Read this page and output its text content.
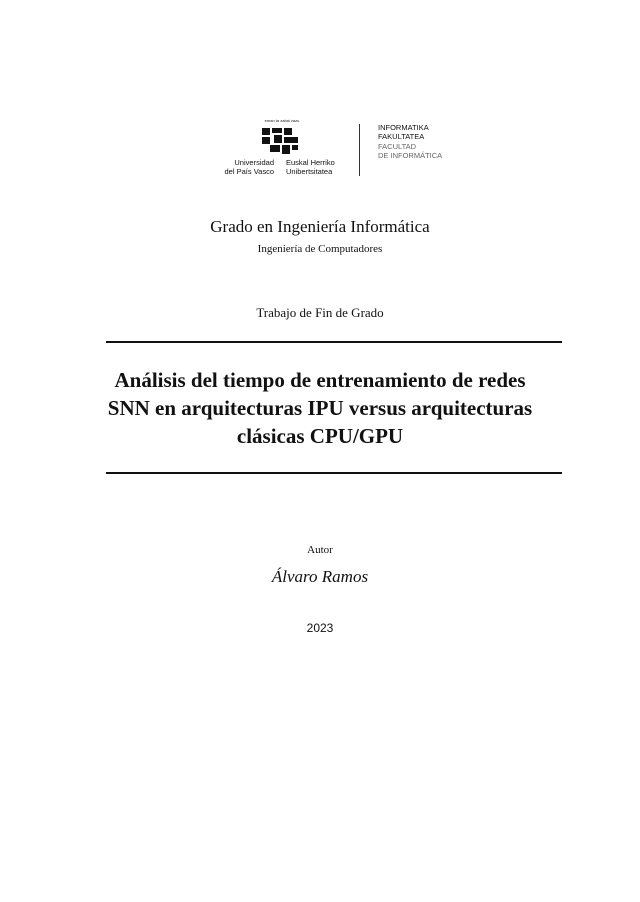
eman ta zabal zazu
Universidad
del País Vasco
Euskal Herriko
Unibertsitatea
INFORMATIKA
FAKULTATEA
FACULTAD
DE INFORMÁTICA
Grado en Ingeniería Informática
Ingeniería de Computadores
Trabajo de Fin de Grado
Análisis del tiempo de entrenamiento de redes
SNN en arquitecturas IPU versus arquitecturas
clásicas CPU/GPU
Autor
Álvaro Ramos
2023
